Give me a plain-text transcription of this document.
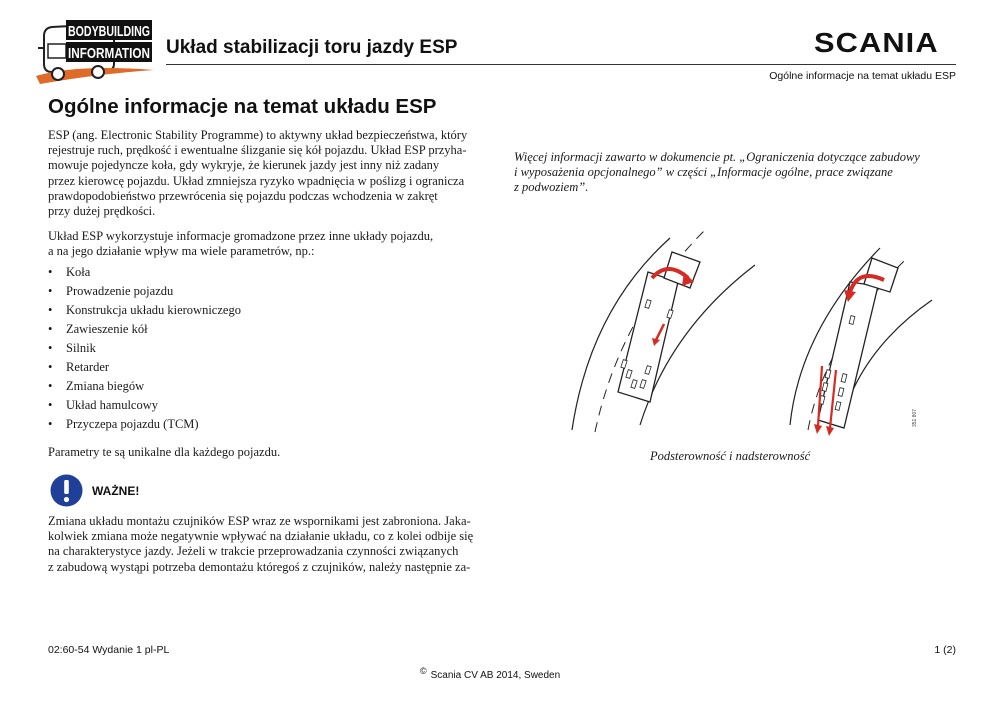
BODYBUILDING
INFORMATION Układ stabilizacji toru jazdy ESP	SCANIA
Ogólne informacje na temat układu ESP
Ogólne informacje na temat układu ESP
ESP (ang. Electronic Stability Programme) to aktywny układ bezpieczeństwa, który
rejestruje ruch, prędkość i ewentualne ślizganie się kół pojazdu. Układ ESP przyha-
mowuje pojedyncze koła, gdy wykryje, że kierunek jazdy jest inny niż zadany
przez kierowcę pojazdu. Układ zmniejsza ryzyko wpadnięcia w poślizg i ogranicza
prawdopodobieństwo przewrócenia się pojazdu podczas wchodzenia w zakręt
przy dużej prędkości.
Układ ESP wykorzystuje informacje gromadzone przez inne układy pojazdu,
a na jego działanie wpływ ma wiele parametrów, np.:
• Koła
• Prowadzenie pojazdu
• Konstrukcja układu kierowniczego
• Zawieszenie kół
• Silnik
• Retarder
• Zmiana biegów
• Układ hamulcowy
• Przyczepa pojazdu (TCM)
Parametry te są unikalne dla każdego pojazdu.
WAŻNE!
Zmiana układu montażu czujników ESP wraz ze wspornikami jest zabroniona. Jaka-
kolwiek zmiana może negatywnie wpływać na działanie układu, co z kolei odbije się
na charakterystyce jazdy. Jeżeli w trakcie przeprowadzania czynności związanych
z zabudową wystąpi potrzeba demontażu któregoś z czujników, należy następnie za-
Więcej informacji zawarto w dokumencie pt. „Ograniczenia dotyczące zabudowy
i wyposażenia opcjonalnego” w części „Informacje ogólne, prace związane
z podwoziem”.
351 807
Podsterowność i nadsterowność
02:60-54 Wydanie 1 pl-PL	1 (2)
© Scania CV AB 2014, Sweden
